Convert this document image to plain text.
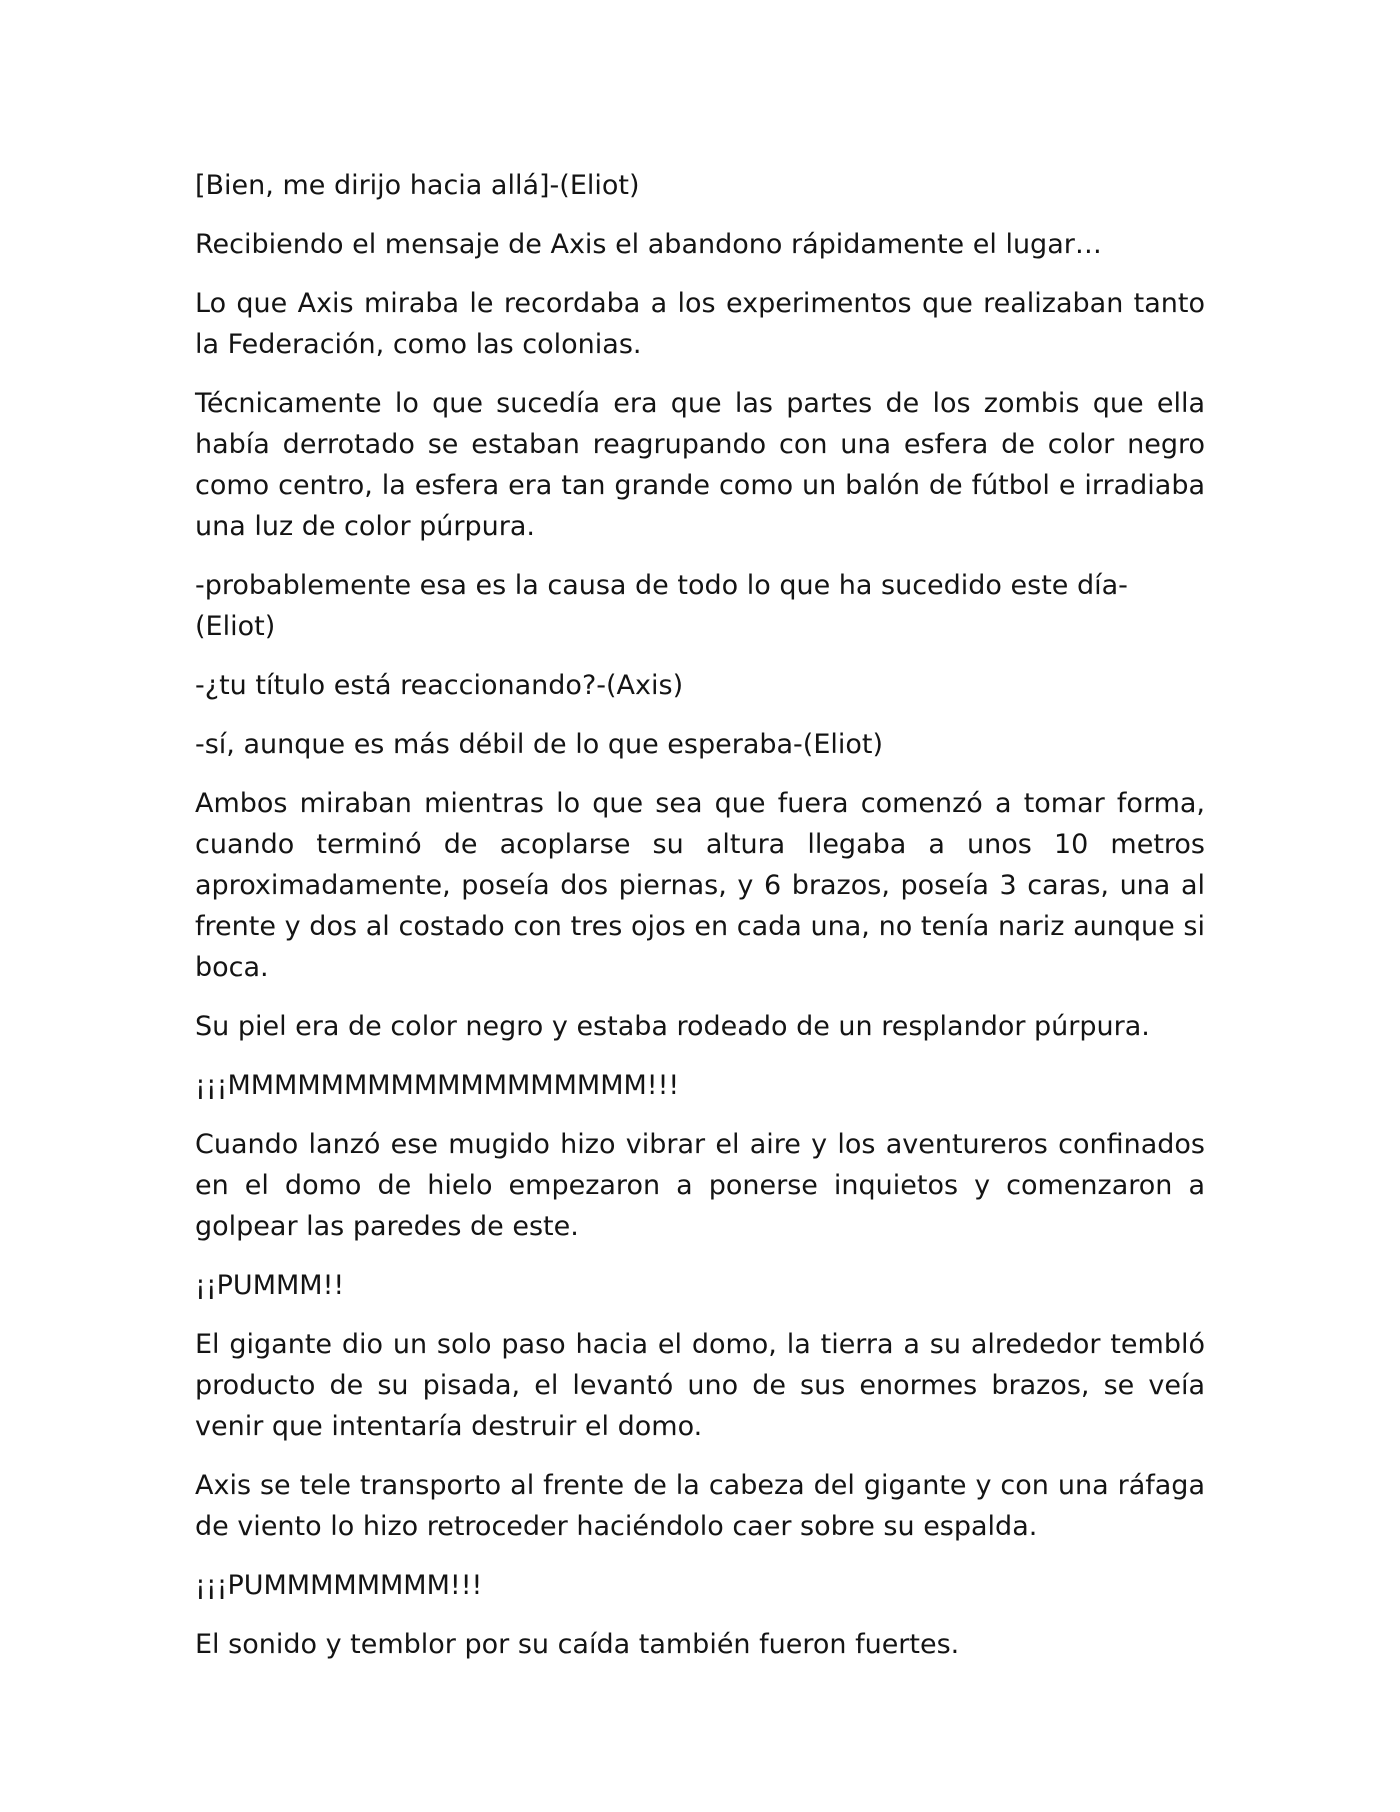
[Bien, me dirijo hacia allá]-(Eliot)

Recibiendo el mensaje de Axis el abandono rápidamente el lugar…

Lo que Axis miraba le recordaba a los experimentos que realizaban tanto la Federación, como las colonias.

Técnicamente lo que sucedía era que las partes de los zombis que ella había derrotado se estaban reagrupando con una esfera de color negro como centro, la esfera era tan grande como un balón de fútbol e irradiaba una luz de color púrpura.

-probablemente esa es la causa de todo lo que ha sucedido este día-(Eliot)

-¿tu título está reaccionando?-(Axis)

-sí, aunque es más débil de lo que esperaba-(Eliot)

Ambos miraban mientras lo que sea que fuera comenzó a tomar forma, cuando terminó de acoplarse su altura llegaba a unos 10 metros aproximadamente, poseía dos piernas, y 6 brazos, poseía 3 caras, una al frente y dos al costado con tres ojos en cada una, no tenía nariz aunque si boca.

Su piel era de color negro y estaba rodeado de un resplandor púrpura.

¡¡¡MMMMMMMMMMMMMMMMMM!!!

Cuando lanzó ese mugido hizo vibrar el aire y los aventureros confinados en el domo de hielo empezaron a ponerse inquietos y comenzaron a golpear las paredes de este.

¡¡PUMMM!!

El gigante dio un solo paso hacia el domo, la tierra a su alrededor tembló producto de su pisada, el levantó uno de sus enormes brazos, se veía venir que intentaría destruir el domo.

Axis se tele transporto al frente de la cabeza del gigante y con una ráfaga de viento lo hizo retroceder haciéndolo caer sobre su espalda.

¡¡¡PUMMMMMMMM!!!

El sonido y temblor por su caída también fueron fuertes.
